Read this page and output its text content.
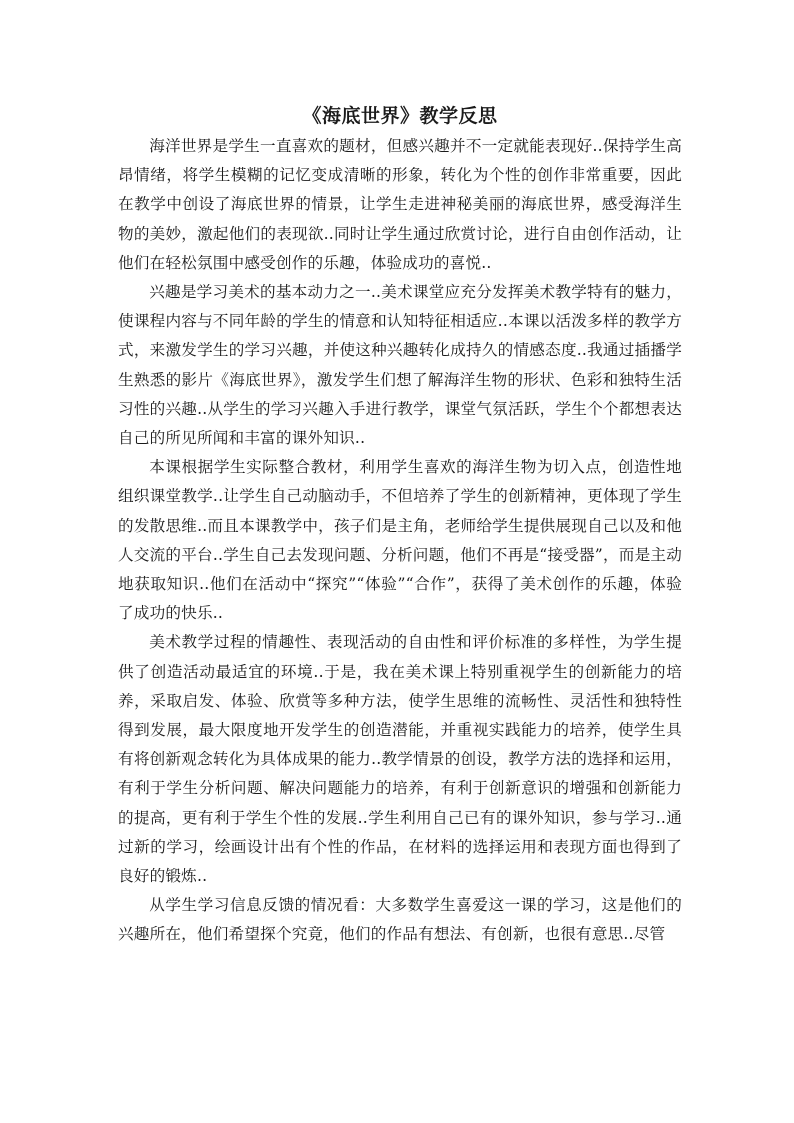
《海底世界》教学反思

海洋世界是学生一直喜欢的题材，但感兴趣并不一定就能表现好..保持学生高昂情绪，将学生模糊的记忆变成清晰的形象，转化为个性的创作非常重要，因此在教学中创设了海底世界的情景，让学生走进神秘美丽的海底世界，感受海洋生物的美妙，激起他们的表现欲..同时让学生通过欣赏讨论，进行自由创作活动，让他们在轻松氛围中感受创作的乐趣，体验成功的喜悦..

兴趣是学习美术的基本动力之一..美术课堂应充分发挥美术教学特有的魅力，使课程内容与不同年龄的学生的情意和认知特征相适应..本课以活泼多样的教学方式，来激发学生的学习兴趣，并使这种兴趣转化成持久的情感态度..我通过插播学生熟悉的影片《海底世界》，激发学生们想了解海洋生物的形状、色彩和独特生活习性的兴趣..从学生的学习兴趣入手进行教学，课堂气氛活跃，学生个个都想表达自己的所见所闻和丰富的课外知识..

本课根据学生实际整合教材，利用学生喜欢的海洋生物为切入点，创造性地组织课堂教学..让学生自己动脑动手，不但培养了学生的创新精神，更体现了学生的发散思维..而且本课教学中，孩子们是主角，老师给学生提供展现自己以及和他人交流的平台..学生自己去发现问题、分析问题，他们不再是“接受器”，而是主动地获取知识..他们在活动中“探究”“体验”“合作”，获得了美术创作的乐趣，体验了成功的快乐..

美术教学过程的情趣性、表现活动的自由性和评价标准的多样性，为学生提供了创造活动最适宜的环境..于是，我在美术课上特别重视学生的创新能力的培养，采取启发、体验、欣赏等多种方法，使学生思维的流畅性、灵活性和独特性得到发展，最大限度地开发学生的创造潜能，并重视实践能力的培养，使学生具有将创新观念转化为具体成果的能力..教学情景的创设，教学方法的选择和运用，有利于学生分析问题、解决问题能力的培养，有利于创新意识的增强和创新能力的提高，更有利于学生个性的发展..学生利用自己已有的课外知识，参与学习..通过新的学习，绘画设计出有个性的作品，在材料的选择运用和表现方面也得到了良好的锻炼..

从学生学习信息反馈的情况看：大多数学生喜爱这一课的学习，这是他们的兴趣所在，他们希望探个究竟，他们的作品有想法、有创新，也很有意思..尽管
